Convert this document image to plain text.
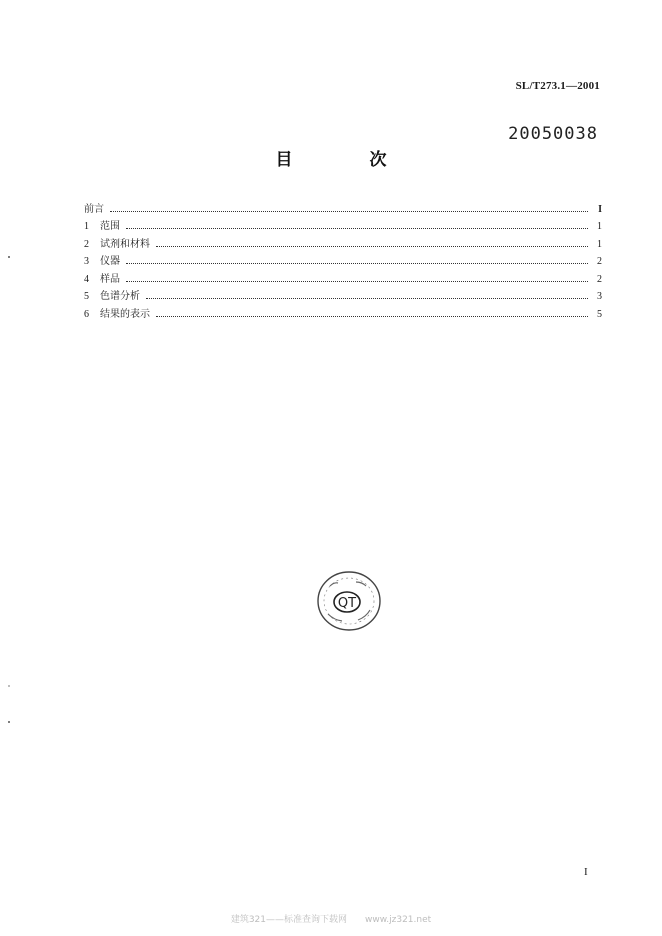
SL/T273.1—2001
20050038
目　次
前言	I
1	范围	1
2	试剂和材料	1
3	仪器	2
4	样品	2
5	色谱分析	3
6	结果的表示	5
QT
I
建筑321——标准查询下载网　　www.jz321.net
